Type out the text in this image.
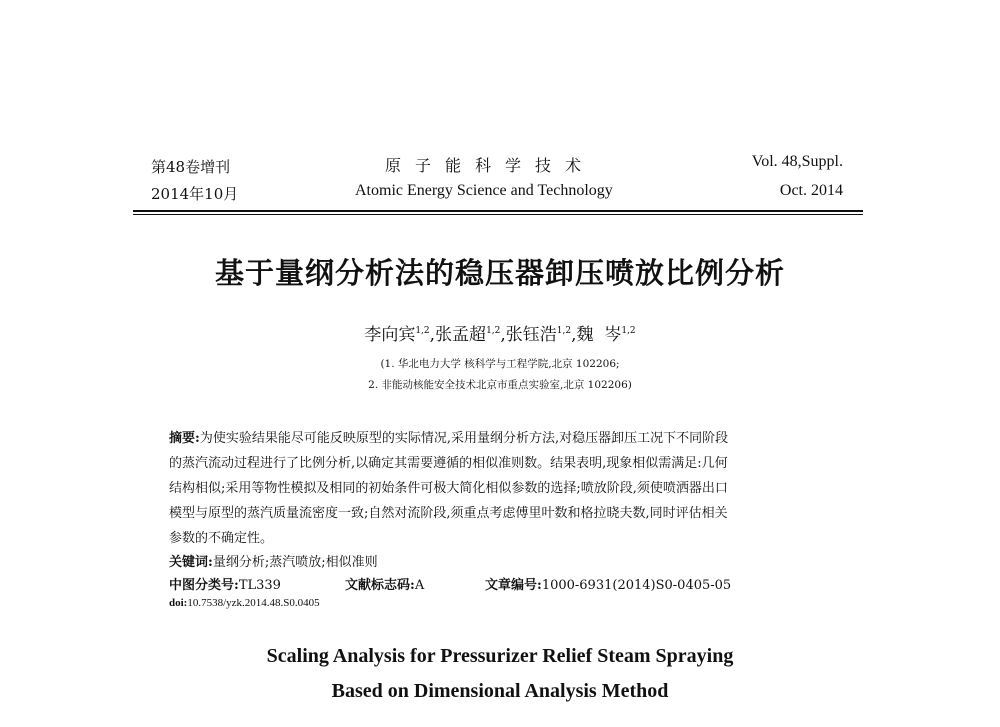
第48卷增刊
2014年10月
原子能科学技术
Atomic Energy Science and Technology
Vol. 48,Suppl.
Oct. 2014
基于量纲分析法的稳压器卸压喷放比例分析
李向宾$^{1,2}$,张孟超$^{1,2}$,张钰浩$^{1,2}$,魏  岑$^{1,2}$
(1. 华北电力大学 核科学与工程学院,北京 102206;
2. 非能动核能安全技术北京市重点实验室,北京 102206)
摘要:为使实验结果能尽可能反映原型的实际情况,采用量纲分析方法,对稳压器卸压工况下不同阶段
的蒸汽流动过程进行了比例分析,以确定其需要遵循的相似准则数。结果表明,现象相似需满足:几何
结构相似;采用等物性模拟及相同的初始条件可极大简化相似参数的选择;喷放阶段,须使喷洒器出口
模型与原型的蒸汽质量流密度一致;自然对流阶段,须重点考虑傅里叶数和格拉晓夫数,同时评估相关
参数的不确定性。
关键词:量纲分析;蒸汽喷放;相似准则
中图分类号:TL339	文献标志码:A	文章编号:1000-6931(2014)S0-0405-05
doi:10.7538/yzk.2014.48.S0.0405
Scaling Analysis for Pressurizer Relief Steam Spraying
Based on Dimensional Analysis Method
